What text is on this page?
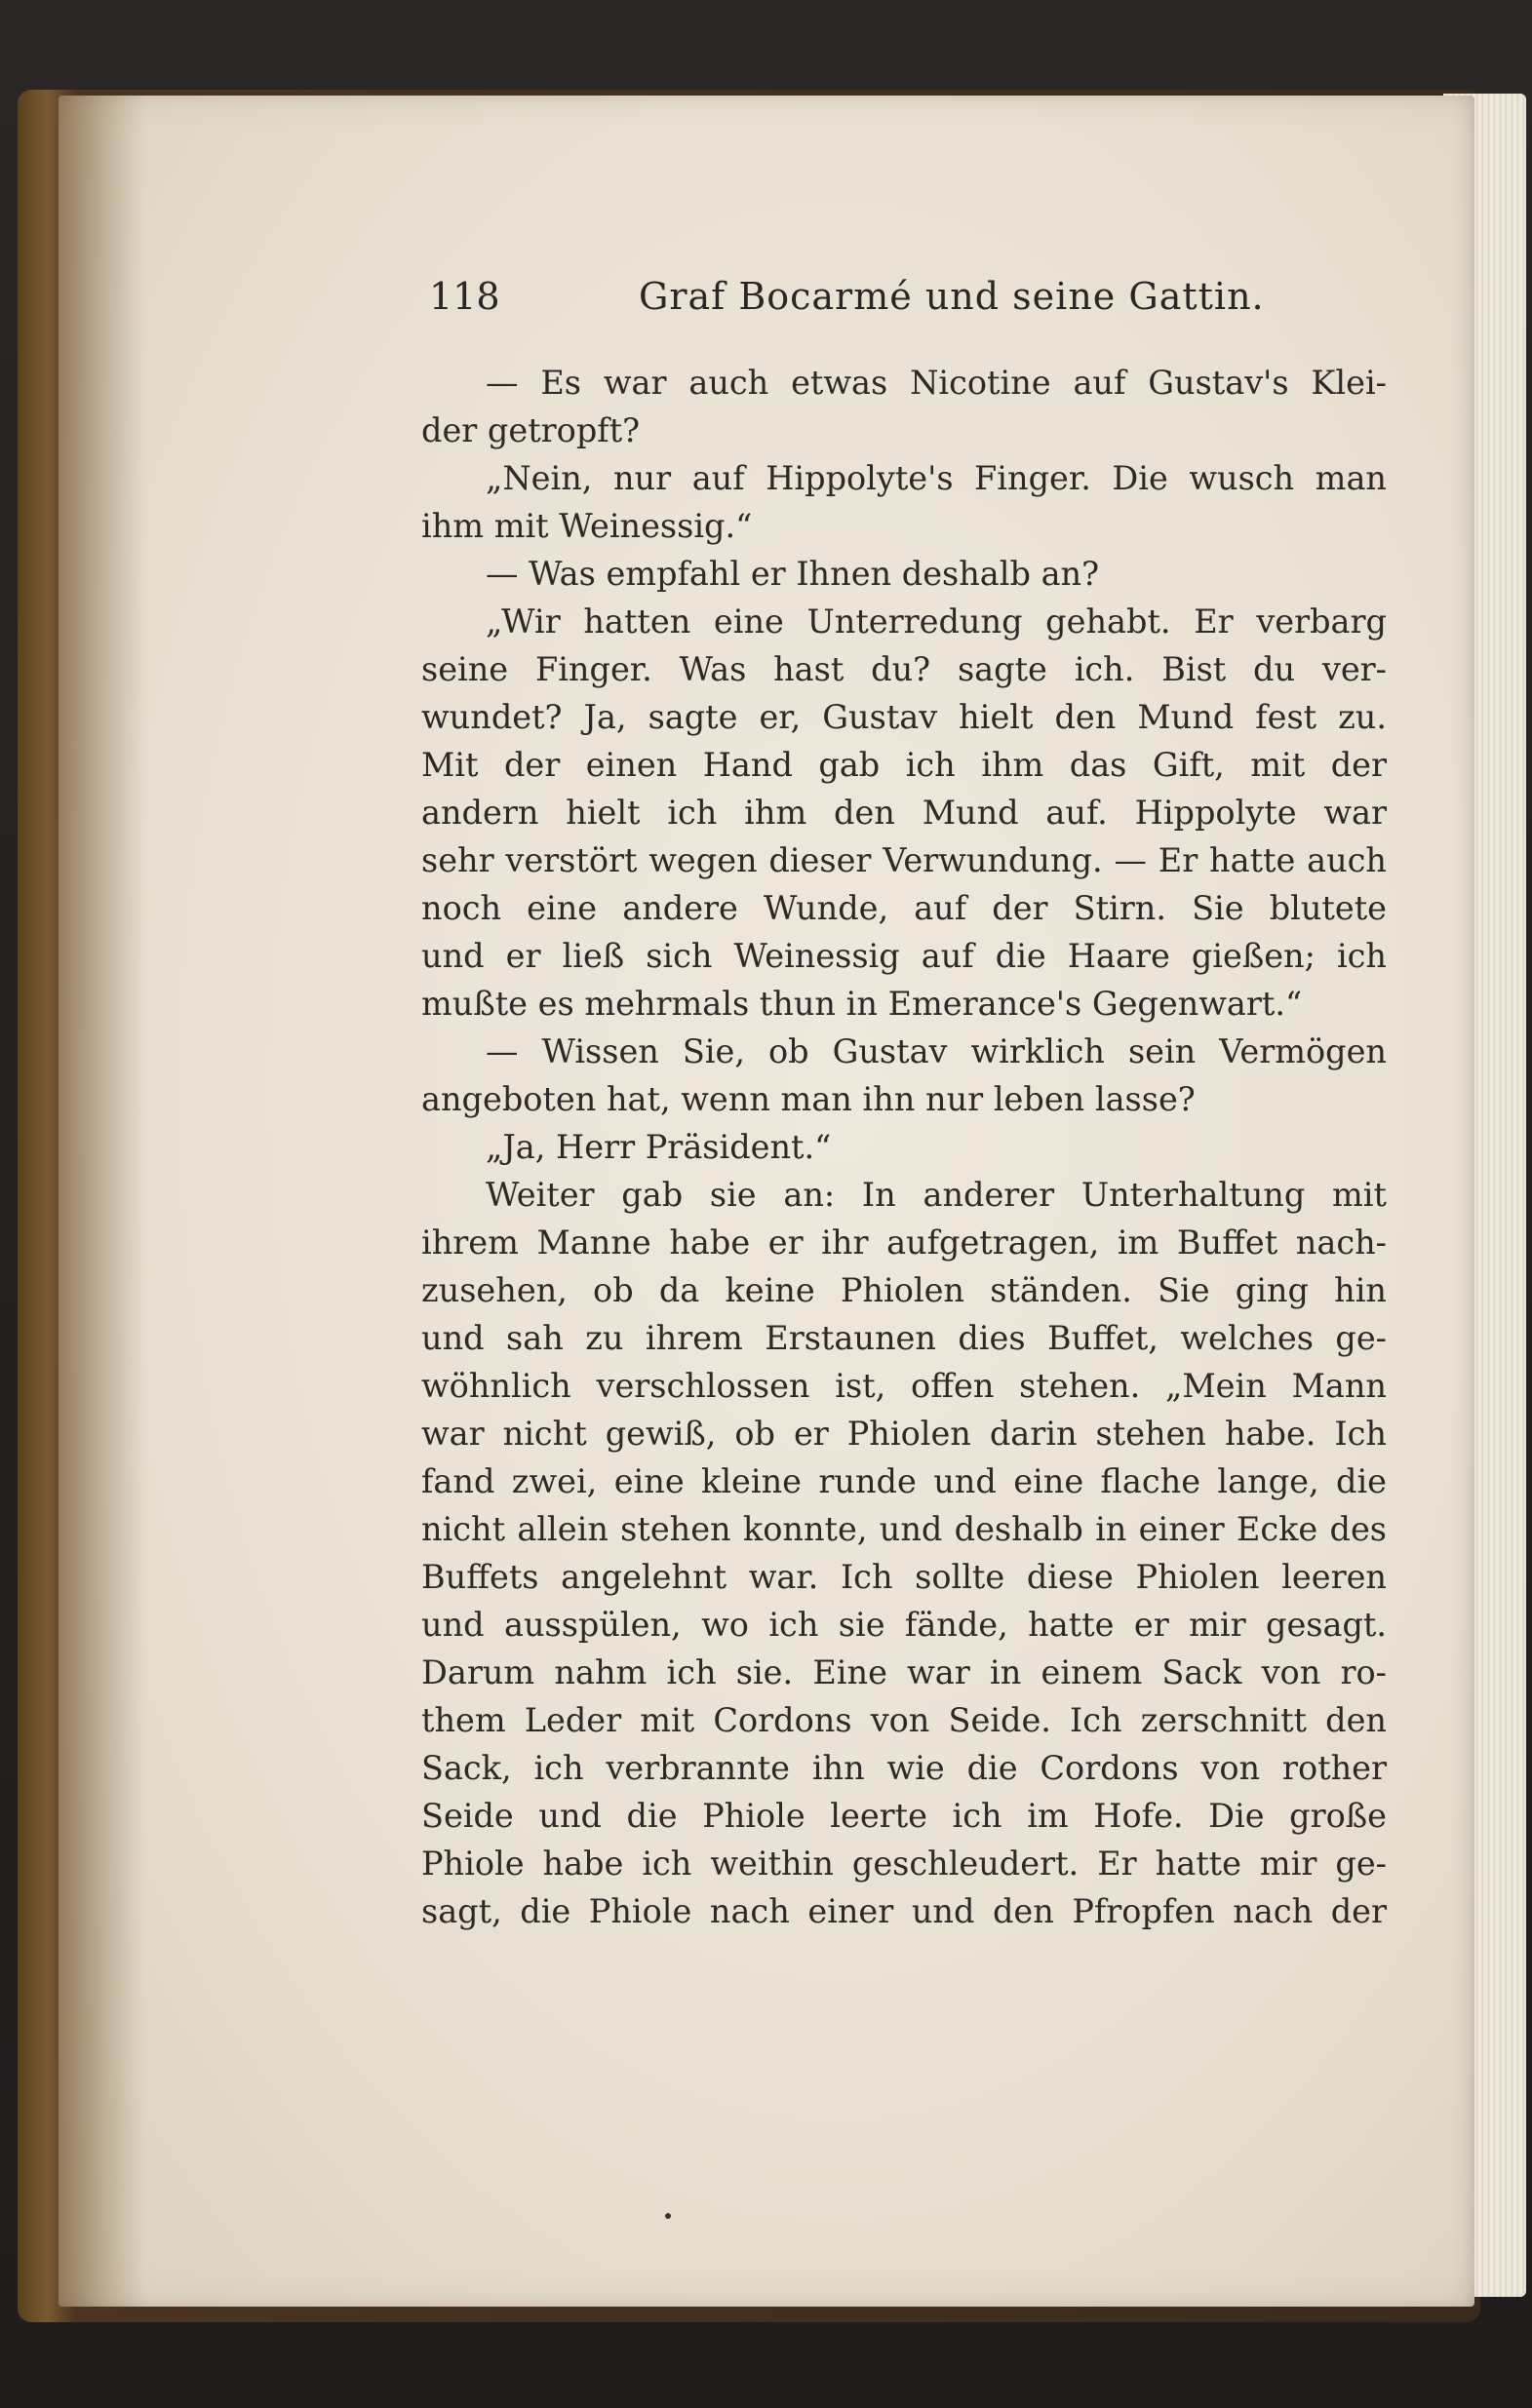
118	Graf Bocarmé und seine Gattin.
— Es war auch etwas Nicotine auf Gustav's Klei-
der getropft?
„Nein, nur auf Hippolyte's Finger. Die wusch man
ihm mit Weinessig.“
— Was empfahl er Ihnen deshalb an?
„Wir hatten eine Unterredung gehabt. Er verbarg
seine Finger. Was hast du? sagte ich. Bist du ver-
wundet? Ja, sagte er, Gustav hielt den Mund fest zu.
Mit der einen Hand gab ich ihm das Gift, mit der
andern hielt ich ihm den Mund auf. Hippolyte war
sehr verstört wegen dieser Verwundung. — Er hatte auch
noch eine andere Wunde, auf der Stirn. Sie blutete
und er ließ sich Weinessig auf die Haare gießen; ich
mußte es mehrmals thun in Emerance's Gegenwart.“
— Wissen Sie, ob Gustav wirklich sein Vermögen
angeboten hat, wenn man ihn nur leben lasse?
„Ja, Herr Präsident.“
Weiter gab sie an: In anderer Unterhaltung mit
ihrem Manne habe er ihr aufgetragen, im Buffet nach-
zusehen, ob da keine Phiolen ständen. Sie ging hin
und sah zu ihrem Erstaunen dies Buffet, welches ge-
wöhnlich verschlossen ist, offen stehen. „Mein Mann
war nicht gewiß, ob er Phiolen darin stehen habe. Ich
fand zwei, eine kleine runde und eine flache lange, die
nicht allein stehen konnte, und deshalb in einer Ecke des
Buffets angelehnt war. Ich sollte diese Phiolen leeren
und ausspülen, wo ich sie fände, hatte er mir gesagt.
Darum nahm ich sie. Eine war in einem Sack von ro-
them Leder mit Cordons von Seide. Ich zerschnitt den
Sack, ich verbrannte ihn wie die Cordons von rother
Seide und die Phiole leerte ich im Hofe. Die große
Phiole habe ich weithin geschleudert. Er hatte mir ge-
sagt, die Phiole nach einer und den Pfropfen nach der
